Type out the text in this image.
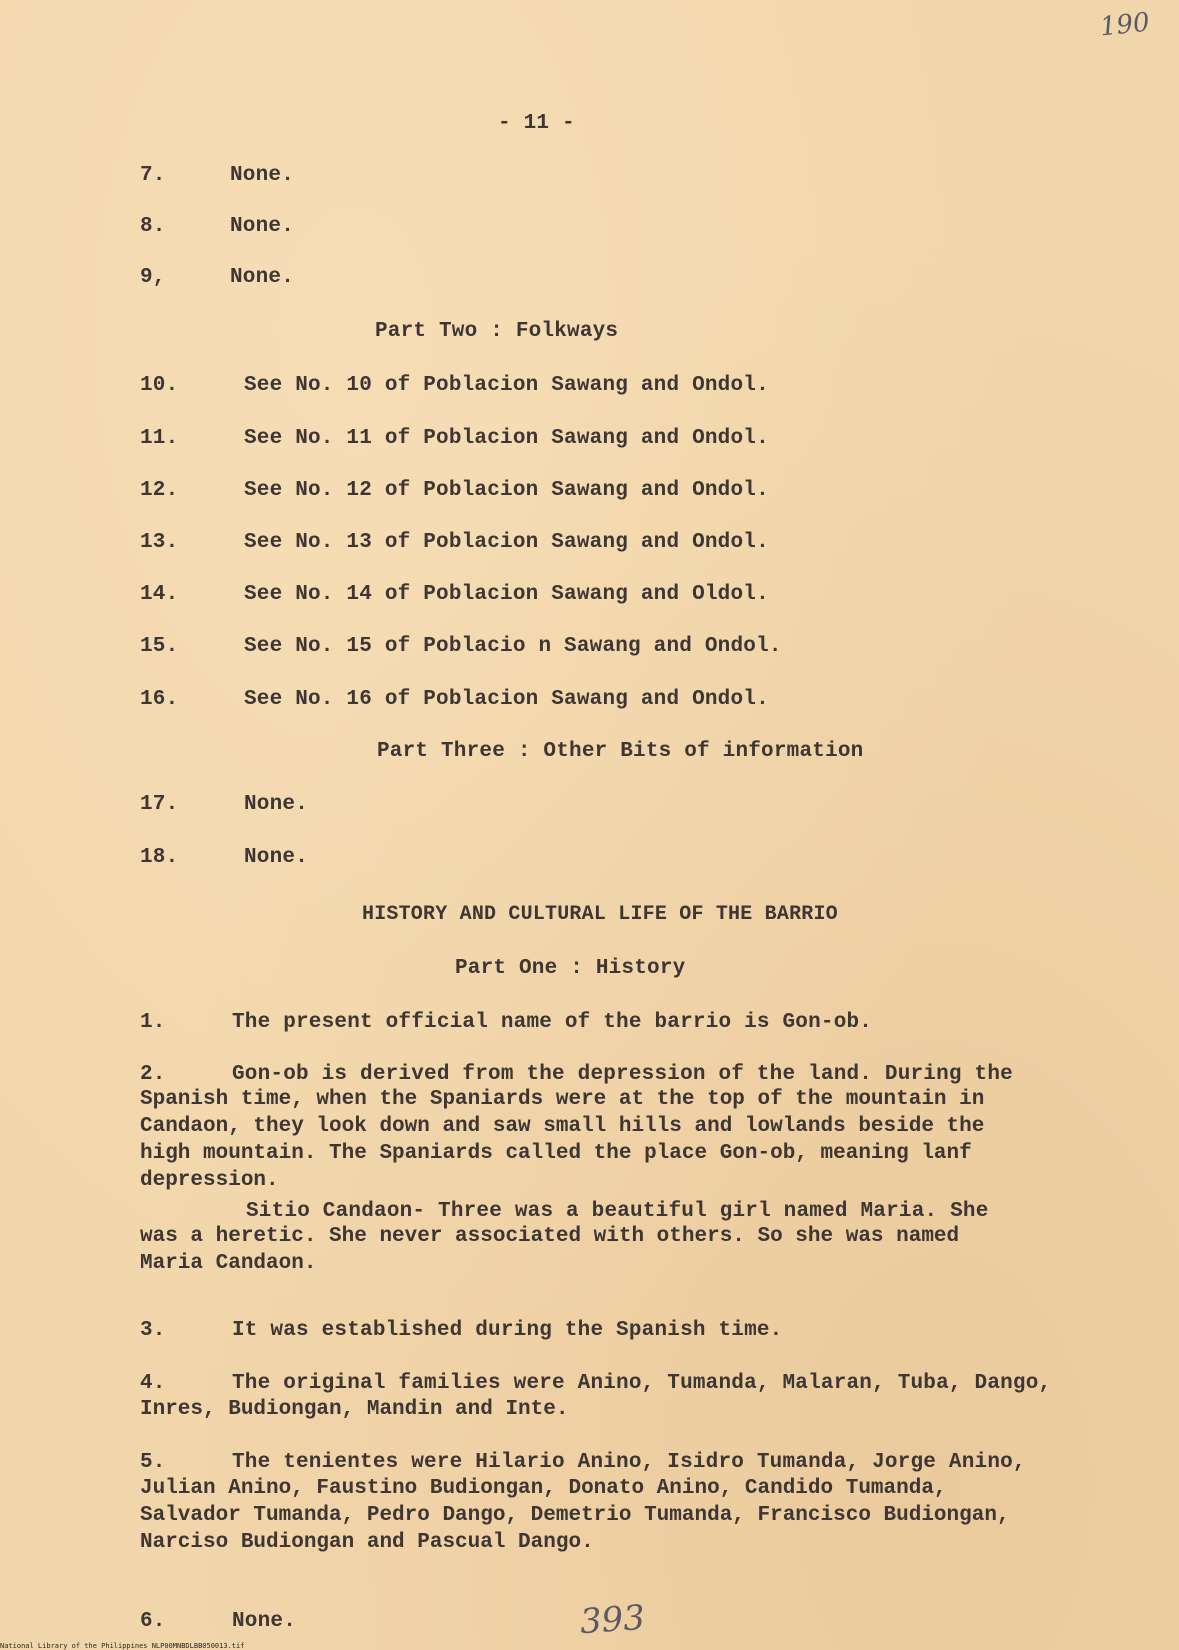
190
- 11 -
7.	None.
8.	None.
9,	None.
Part Two : Folkways
10.	See No. 10 of Poblacion Sawang and Ondol.
11.	See No. 11 of Poblacion Sawang and Ondol.
12.	See No. 12 of Poblacion Sawang and Ondol.
13.	See No. 13 of Poblacion Sawang and Ondol.
14.	See No. 14 of Poblacion Sawang and Oldol.
15.	See No. 15 of Poblacio n Sawang and Ondol.
16.	See No. 16 of Poblacion Sawang and Ondol.
Part Three : Other Bits of information
17.	None.
18.	None.
HISTORY AND CULTURAL LIFE OF THE BARRIO
Part One : History
1.	The present official name of the barrio is Gon-ob.
2.	Gon-ob is derived from the depression of the land. During the
Spanish time, when the Spaniards were at the top of the mountain in
Candaon, they look down and saw small hills and lowlands beside the
high mountain. The Spaniards called the place Gon-ob, meaning lanf
depression.
Sitio Candaon- Three was a beautiful girl named Maria. She
was a heretic. She never associated with others. So she was named
Maria Candaon.
3.	It was established during the Spanish time.
4.	The original families were Anino, Tumanda, Malaran, Tuba, Dango,
Inres, Budiongan, Mandin and Inte.
5.	The tenientes were Hilario Anino, Isidro Tumanda, Jorge Anino,
Julian Anino, Faustino Budiongan, Donato Anino, Candido Tumanda,
Salvador Tumanda, Pedro Dango, Demetrio Tumanda, Francisco Budiongan,
Narciso Budiongan and Pascual Dango.
6.	None.	393
National Library of the Philippines NLP00MNBDLBB050013.tif
